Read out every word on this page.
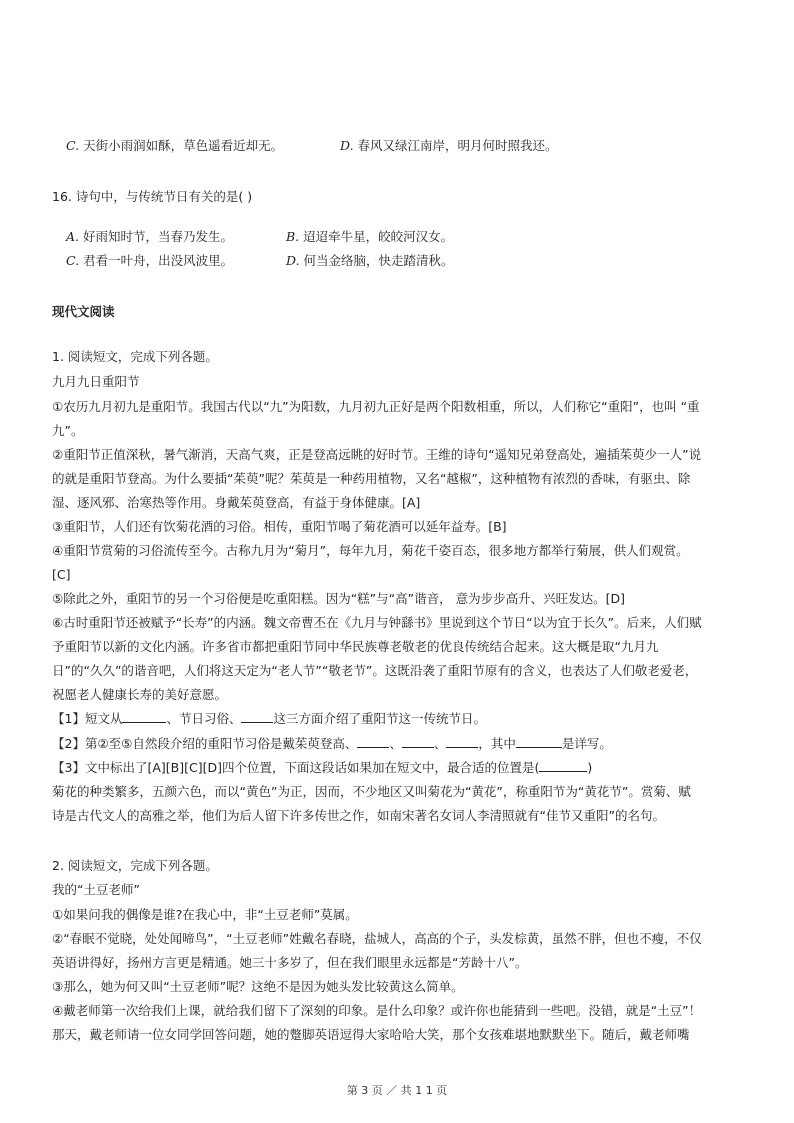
C. 天街小雨润如酥，草色遥看近却无。	D. 春风又绿江南岸，明月何时照我还。
16. 诗句中，与传统节日有关的是( )
A. 好雨知时节，当春乃发生。	B. 迢迢牵牛星，皎皎河汉女。
C. 君看一叶舟，出没风波里。	D. 何当金络脑，快走踏清秋。
现代文阅读
1. 阅读短文，完成下列各题。
九月九日重阳节
①农历九月初九是重阳节。我国古代以“九”为阳数，九月初九正好是两个阳数相重，所以，人们称它“重阳”，也叫 “重
九”。
②重阳节正值深秋，暑气渐消，天高气爽，正是登高远眺的好时节。王维的诗句“遥知兄弟登高处，遍插茱萸少一人”说
的就是重阳节登高。为什么要插“茱萸”呢？茱萸是一种药用植物，又名“越椒”，这种植物有浓烈的香味，有驱虫、除
湿、逐风邪、治寒热等作用。身戴茱萸登高，有益于身体健康。[A]
③重阳节，人们还有饮菊花酒的习俗。相传，重阳节喝了菊花酒可以延年益寿。[B]
④重阳节赏菊的习俗流传至今。古称九月为“菊月”，每年九月，菊花千姿百态，很多地方都举行菊展，供人们观赏。
[C]
⑤除此之外，重阳节的另一个习俗便是吃重阳糕。因为“糕”与“高”谐音， 意为步步高升、兴旺发达。[D]
⑥古时重阳节还被赋予“长寿”的内涵。魏文帝曹丕在《九月与钟繇书》里说到这个节日“以为宜于长久”。后来，人们赋
予重阳节以新的文化内涵。许多省市都把重阳节同中华民族尊老敬老的优良传统结合起来。这大概是取“九月九
日”的“久久”的谐音吧，人们将这天定为“老人节”“敬老节”。这既沿袭了重阳节原有的含义，也表达了人们敬老爱老，
祝愿老人健康长寿的美好意愿。
【1】短文从	、节日习俗、	这三方面介绍了重阳节这一传统节日。
【2】第②至⑤自然段介绍的重阳节习俗是戴茱萸登高、	、	、	，其中	是详写。
【3】文中标出了[A][B][C][D]四个位置，下面这段话如果加在短文中，最合适的位置是(	)
菊花的种类繁多，五颜六色，而以“黄色”为正，因而，不少地区又叫菊花为“黄花”，称重阳节为“黄花节”。赏菊、赋
诗是古代文人的高雅之举，他们为后人留下许多传世之作，如南宋著名女词人李清照就有“佳节又重阳”的名句。
2. 阅读短文，完成下列各题。
我的“土豆老师”
①如果问我的偶像是谁?在我心中，非“土豆老师”莫属。
②“春眠不觉晓，处处闻啼鸟”，“土豆老师”姓戴名春晓，盐城人，高高的个子，头发棕黄，虽然不胖，但也不瘦，不仅
英语讲得好，扬州方言更是精通。她三十多岁了，但在我们眼里永远都是“芳龄十八”。
③那么，她为何又叫“土豆老师”呢？这绝不是因为她头发比较黄这么简单。
④戴老师第一次给我们上课，就给我们留下了深刻的印象。是什么印象？或许你也能猜到一些吧。没错，就是“土豆”！
那天，戴老师请一位女同学回答问题，她的蹩脚英语逗得大家哈哈大笑，那个女孩难堪地默默坐下。随后，戴老师嘴
第 3 页 ／ 共 1 1 页
